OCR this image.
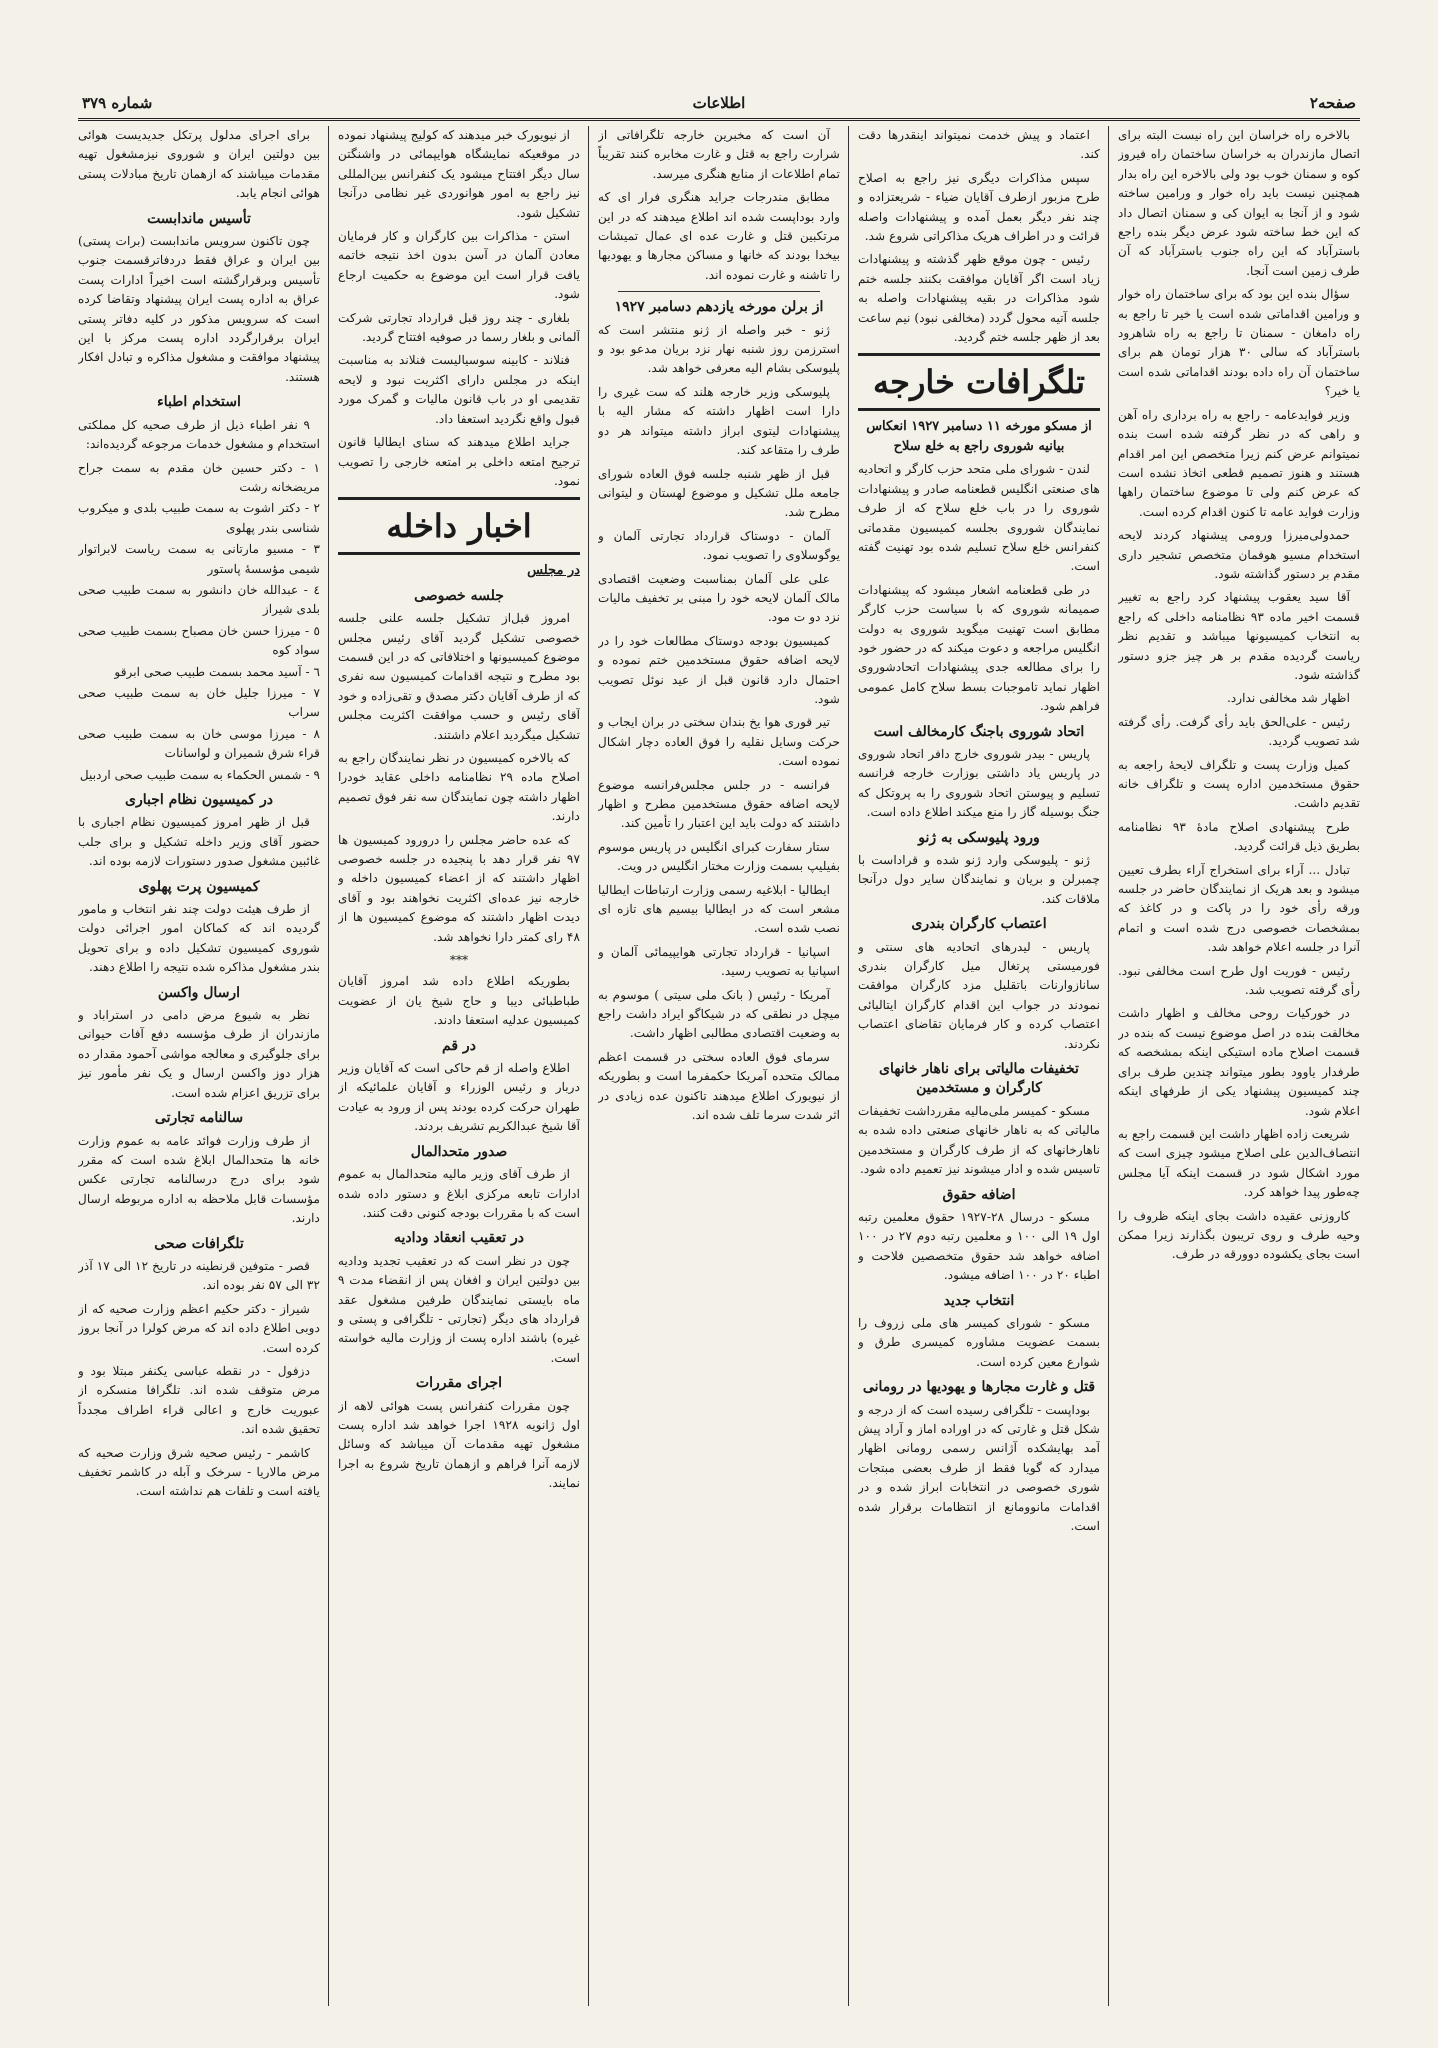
صفحه۲
اطلاعات
شماره ۳۷۹

بالاخره راه خراسان این راه نیست البته برای اتصال مازندران به خراسان ساختمان راه فیروز کوه و سمنان خوب بود ولی بالاخره این راه بدار همچنین نیست باید راه خوار و ورامین ساخته شود و از آنجا به ایوان کی و سمنان اتصال داد که این خط ساخته شود عرض دیگر بنده راجع باسترآباد که این راه جنوب باسترآباد که آن طرف زمین است آنجا.

سؤال بنده این بود که برای ساختمان راه خوار و ورامین اقداماتی شده است یا خیر تا راجع به راه دامغان - سمنان تا راجع به راه شاهرود باسترآباد که سالی ۳۰ هزار تومان هم برای ساختمان آن راه داده بودند اقداماتی شده است یا خیر؟

وزیر فوایدعامه - راجع به راه برداری راه آهن و راهی که در نظر گرفته شده است بنده نمیتوانم عرض کنم زیرا متخصص این امر اقدام هستند و هنوز تصمیم قطعی اتخاذ نشده است که عرض کنم ولی تا موضوع ساختمان راهها وزارت فواید عامه تا کنون اقدام کرده است.

حمدولی‌میرزا ورومی پیشنهاد کردند لایحه استخدام مسیو هوفمان متخصص تشجیر داری مقدم بر دستور گذاشته شود.

آقا سید یعقوب پیشنهاد کرد راجع به تغییر قسمت اخیر ماده ۹۳ نظامنامه داخلی که راجع به انتخاب کمیسیونها میباشد و تقدیم نظر ریاست گردیده مقدم بر هر چیز جزو دستور گذاشته شود.

اظهار شد مخالفی ندارد.

رئیس - علی‌الحق باید رأی گرفت. رأی گرفته شد تصویب گردید.

کمیل وزارت پست و تلگراف لایحهٔ راجعه به حقوق مستخدمین اداره پست و تلگراف خانه تقدیم داشت.

طرح پیشنهادی اصلاح مادهٔ ۹۳ نظامنامه بطریق ذیل قرائت گردید.

تبادل ... آراء برای استخراج آراء بطرف تعیین میشود و بعد هریک از نمایندگان حاضر در جلسه ورقه رأی خود را در پاکت و در کاغذ که بمشخصات خصوصی درج شده است و اتمام آنرا در جلسه اعلام خواهد شد.

رئیس - فوریت اول طرح است مخالفی نبود. رأی گرفته تصویب شد.

در خورکیات روحی مخالف و اظهار داشت مخالفت بنده در اصل موضوع نیست که بنده در قسمت اصلاح ماده استیکی اینکه بمشخصه که طرفدار یاوود بطور میتواند چندین طرف برای چند کمیسیون پیشنهاد یکی از طرفهای اینکه اعلام شود.

شریعت زاده اظهار داشت این قسمت راجع به انتصاف‌الدین علی اصلاح میشود چیزی است که مورد اشکال شود در قسمت اینکه آیا مجلس چه‌طور پیدا خواهد کرد.

کاروزنی عقیده داشت بجای اینکه ظروف را وحیه طرف و روی تریبون بگذارند زیرا ممکن است بجای یکشوده دوورقه در طرف.

اعتماد و پیش خدمت نمیتواند اینقدرها دقت کند.

سپس مذاکرات دیگری نیز راجع به اصلاح طرح مزبور ازطرف آقایان ضیاء - شریعتزاده و چند نفر دیگر بعمل آمده و پیشنهادات واصله قرائت و در اطراف هریک مذاکراتی شروع شد.

رئیس - چون موقع ظهر گذشته و پیشنهادات زیاد است اگر آقایان موافقت بکنند جلسه ختم شود مذاکرات در بقیه پیشنهادات واصله به جلسه آتیه محول گردد (مخالفی نبود) نیم ساعت بعد از ظهر جلسه ختم گردید.

تلگرافات خارجه
از مسکو مورخه ۱۱ دسامبر ۱۹۲۷ انعکاس بیانیه شوروی راجع به خلع سلاح

لندن - شورای ملی متحد حزب کارگر و اتحادیه های صنعتی انگلیس قطعنامه صادر و پیشنهادات شوروی را در باب خلع سلاح که از طرف نمایندگان شوروی بجلسه کمیسیون مقدماتی کنفرانس خلع سلاح تسلیم شده بود تهنیت گفته است.

در طی قطعنامه اشعار میشود که پیشنهادات صمیمانه شوروی که با سیاست حزب کارگر مطابق است تهنیت میگوید شوروی به دولت انگلیس مراجعه و دعوت میکند که در حضور خود را برای مطالعه جدی پیشنهادات اتحادشوروی اظهار نماید تاموجبات بسط سلاح کامل عمومی فراهم شود.

اتحاد شوروی باجنگ کارمخالف است

پاریس - بیدر شوروی خارج دافر اتحاد شوروی در پاریس یاد داشتی بوزارت خارجه فرانسه تسلیم و پیوستن اتحاد شوروی را به پروتکل که جنگ بوسیله گاز را منع میکند اطلاع داده است.

ورود پلیوسکی به ژنو

ژنو - پلیوسکی وارد ژنو شده و قراداست با چمبرلن و بریان و نمایندگان سایر دول درآنجا ملاقات کند.

اعتصاب کارگران بندری

پاریس - لیدرهای اتحادیه های سنتی و فورمیستی پرتغال میل کارگران بندری سانازوارنات باتقلیل مزد کارگران موافقت نمودند در جواب این اقدام کارگران ایتالیائی اعتصاب کرده و کار فرمایان تقاضای اعتصاب نکردند.

تخفیفات مالیاتی برای ناهار خانهای کارگران و مستخدمین

مسکو - کمیسر ملی‌مالیه مقررداشت تخفیفات مالیاتی که به ناهار خانهای صنعتی داده شده به ناهارخانهای که از طرف کارگران و مستخدمین تاسیس شده و ادار میشوند نیز تعمیم داده شود.

اضافه حقوق

مسکو - درسال ۲۸-۱۹۲۷ حقوق معلمین رتبه اول ۱۹ الی ۱۰۰ و معلمین رتبه دوم ۲۷ در ۱۰۰ اضافه خواهد شد حقوق متخصصین فلاحت و اطباء ۲۰ در ۱۰۰ اضافه میشود.

انتخاب جدید

مسکو - شورای کمیسر های ملی زروف را بسمت عضویت مشاوره کمیسری طرق و شوارع معین کرده است.

قتل و غارت مجارها و یهودیها در رومانی

بوداپست - تلگرافی رسیده است که از درجه و شکل قتل و غارتی که در اوراده اماز و آراد پیش آمد بهایشکده آژانس رسمی رومانی اظهار میدارد که گویا فقط از طرف بعضی مبتجات شوری خصوصی در انتخابات ابراز شده و در اقدامات مانوومانع از انتظامات برقرار شده است.

آن است که مخبرین خارجه تلگرافاتی از شرارت راجع به قتل و غارت مخابره کنند تقریباً تمام اطلاعات از منابع هنگری میرسد.

مطابق مندرجات جراید هنگری فرار ای که وارد بوداپست شده اند اطلاع میدهند که در این مرتکبین قتل و غارت عده ای عمال تمیشات بیخدا بودند که خانها و مساکن مجارها و یهودیها را تاشنه و غارت نموده اند.

از برلن مورخه یازدهم دسامبر ۱۹۲۷

ژنو - خبر واصله از ژنو منتشر است که استرزمن روز شنبه نهار نزد بریان مدعو بود و پلیوسکی بشام الیه معرفی خواهد شد.

پلیوسکی وزیر خارجه هلند که ست غیری را دارا است اظهار داشته که مشار الیه با پیشنهادات لیتوی ابراز داشته میتواند هر دو طرف را متقاعد کند.

قبل از ظهر شنبه جلسه فوق العاده شورای جامعه ملل تشکیل و موضوع لهستان و لیتوانی مطرح شد.

آلمان - دوستاک قرارداد تجارتی آلمان و یوگوسلاوی را تصویب نمود.

علی علی آلمان بمناسبت وضعیت اقتصادی مالک آلمان لایحه خود را مبنی بر تخفیف مالیات نزد دو ت مود.

کمیسیون بودجه دوستاک مطالعات خود را در لایحه اضافه حقوق مستخدمین ختم نموده و احتمال دارد قانون قبل از عید نوئل تصویب شود.

تیر قوری هوا یخ بندان سختی در بران ایجاب و حرکت وسایل نقلیه را فوق العاده دچار اشکال نموده است.

فرانسه - در جلس مجلس‌فرانسه موضوع لایحه اضافه حقوق مستخدمین مطرح و اظهار داشتند که دولت باید این اعتبار را تأمین کند.

ستار سفارت کبرای انگلیس در پاریس موسوم بفیلیپ بسمت وزارت مختار انگلیس در ویت.

ایطالیا - ابلاغیه رسمی وزارت ارتباطات ایطالیا مشعر است که در ایطالیا بیسیم های تازه ای نصب شده است.

اسپانیا - قرارداد تجارتی هوایپیمائی آلمان و اسپانیا به تصویب رسید.

آمریکا - رئیس ( بانک ملی سیتی ) موسوم به میچل در نطقی که در شیکاگو ایراد داشت راجع به وضعیت اقتصادی مطالبی اظهار داشت.

سرمای فوق العاده سختی در قسمت اعظم ممالک متحده آمریکا حکمفرما است و بطوریکه از نیویورک اطلاع میدهند تاکنون عده زیادی در اثر شدت سرما تلف شده اند.

از نیویورک خبر میدهند که کولیج پیشنهاد نموده در موقعیکه نمایشگاه هوایپمائی در واشنگتن سال دیگر افتتاح میشود یک کنفرانس بین‌المللی نیز راجع به امور هوانوردی غیر نظامی درآنجا تشکیل شود.

استن - مذاکرات بین کارگران و کار فرمایان معادن آلمان در آسن بدون اخذ نتیجه خاتمه یافت قرار است این موضوع به حکمیت ارجاع شود.

بلغاری - چند روز قبل قرارداد تجارتی شرکت آلمانی و بلغار رسما در صوفیه افتتاح گردید.

فنلاند - کابینه سوسیالیست فنلاند به مناسبت اینکه در مجلس دارای اکثریت نبود و لایحه تقدیمی او در باب قانون مالیات و گمرک مورد قبول واقع نگردید استعفا داد.

جراید اطلاع میدهند که سنای ایطالیا قانون ترجیح امتعه داخلی بر امتعه خارجی را تصویب نمود.

اخبار داخله
در مجلس
جلسه خصوصی

امروز قبل‌از تشکیل جلسه علنی جلسه خصوصی تشکیل گردید آقای رئیس مجلس موضوع کمیسیونها و اختلافاتی که در این قسمت بود مطرح و نتیجه اقدامات کمیسیون سه نفری که از طرف آقایان دکتر مصدق و تقی‌زاده و خود آقای رئیس و حسب موافقت اکثریت مجلس تشکیل میگردید اعلام داشتند.

که بالاخره کمیسیون در نظر نمایندگان راجع به اصلاح ماده ۲۹ نظامنامه داخلی عقاید خودرا اظهار داشته چون نمایندگان سه نفر فوق تصمیم دارند.

که عده حاضر مجلس را درورود کمیسیون ها ۹۷ نفر قرار دهد با پنجیده در جلسه خصوصی اظهار داشتند که از اعضاء کمیسیون داخله و خارجه نیز عده‌ای اکثریت نخواهند بود و آقای دیدت اظهار داشتند که موضوع کمیسیون ها از ۴۸ رای کمتر دارا نخواهد شد.

***

بطوریکه اطلاع داده شد امروز آقایان طباطبائی دیبا و حاج شیخ یان از عضویت کمیسیون عدلیه استعفا دادند.

در قم

اطلاع واصله از قم حاکی است که آقایان وزیر دربار و رئیس الوزراء و آقایان علمائیکه از طهران حرکت کرده بودند پس از ورود به عیادت آقا شیخ عبدالکریم تشریف بردند.

صدور متحدالمال

از طرف آقای وزیر مالیه متحدالمال به عموم ادارات تابعه مرکزی ابلاغ و دستور داده شده است که با مقررات بودجه کنونی دقت کنند.

در تعقیب انعقاد ودادیه

چون در نظر است که در تعقیب تجدید ودادیه بین دولتین ایران و افغان پس از انقضاء مدت ۹ ماه بایستی نمایندگان طرفین مشغول عقد قرارداد های دیگر (تجارتی - تلگرافی و پستی و غیره) باشند اداره پست از وزارت مالیه خواسته است.

اجرای مقررات

چون مقررات کنفرانس پست هوائی لاهه از اول ژانویه ۱۹۲۸ اجرا خواهد شد اداره پست مشغول تهیه مقدمات آن میباشد که وسائل لازمه آنرا فراهم و ازهمان تاریخ شروع به اجرا نمایند.

برای اجرای مدلول پرتکل جدیدیست هوائی بین دولتین ایران و شوروی نیزمشغول تهیه مقدمات میباشند که ازهمان تاریخ مبادلات پستی هوائی انجام یابد.

تأسیس ماندابست

چون تاکنون سرویس ماندابست (برات پستی) بین ایران و عراق فقط دردفاترقسمت جنوب تأسیس وبرقرارگشته است اخیراً ادارات پست عراق به اداره پست ایران پیشنهاد وتقاضا کرده است که سرویس مذکور در کلیه دفاتر پستی ایران برقرارگردد اداره پست مرکز با این پیشنهاد موافقت و مشغول مذاکره و تبادل افکار هستند.

استخدام اطباء

۹ نفر اطباء ذیل از طرف صحیه کل مملکتی استخدام و مشغول خدمات مرجوعه گردیده‌اند:

۱ - دکتر حسین خان مقدم به سمت جراح مریضخانه رشت
۲ - دکتر اشوت به سمت طبیب بلدی و میکروب شناسی بندر پهلوی
۳ - مسیو مارتانی به سمت ریاست لابراتوار شیمی مؤسسهٔ پاستور
٤ - عبدالله خان دانشور به سمت طبیب صحی بلدی شیراز
٥ - میرزا حسن خان مصباح بسمت طبیب صحی سواد کوه
٦ - آسید محمد بسمت طبیب صحی ابرقو
٧ - میرزا جلیل خان به سمت طبیب صحی سراب
٨ - میرزا موسی خان به سمت طبیب صحی قراء شرق شمیران و لواسانات
۹ - شمس الحکماء به سمت طبیب صحی اردبیل
در کمیسیون نظام اجباری

قبل از ظهر امروز کمیسیون نظام اجباری با حضور آقای وزیر داخله تشکیل و برای جلب غائبین مشغول صدور دستورات لازمه بوده اند.

کمیسیون پرت پهلوی

از طرف هیئت دولت چند نفر انتخاب و مامور گردیده اند که کماکان امور اجرائی دولت شوروی کمیسیون تشکیل داده و برای تحویل بندر مشغول مذاکره شده نتیجه را اطلاع دهند.

ارسال واکسن

نظر به شیوع مرض دامی در استراباد و مازندران از طرف مؤسسه دفع آفات حیوانی برای جلوگیری و معالجه مواشی آحمود مقدار ده هزار دوز واکسن ارسال و یک نفر مأمور نیز برای تزریق اعزام شده است.

سالنامه تجارتی

از طرف وزارت فوائد عامه به عموم وزارت خانه ها متحدالمال ابلاغ شده است که مقرر شود برای درج درسالنامه تجارتی عکس مؤسسات قابل ملاحظه به اداره مربوطه ارسال دارند.

تلگرافات صحی

قصر - متوفین قرنطینه در تاریخ ۱۲ الی ۱۷ آذر ۳۲ الی ۵۷ نفر بوده اند.

شیراز - دکتر حکیم اعظم وزارت صحیه که از دوبی اطلاع داده اند که مرض کولرا در آنجا بروز کرده است.

دزفول - در نقطه عباسی یکنفر مبتلا بود و مرض متوقف شده اند. تلگرافا منسکره از عبوریت خارج و اعالی قراء اطراف مجدداً تحقیق شده اند.

کاشمر - رئیس صحیه شرق وزارت صحیه که مرض مالاریا - سرخک و آبله در کاشمر تخفیف یافته است و تلفات هم نداشته است.
